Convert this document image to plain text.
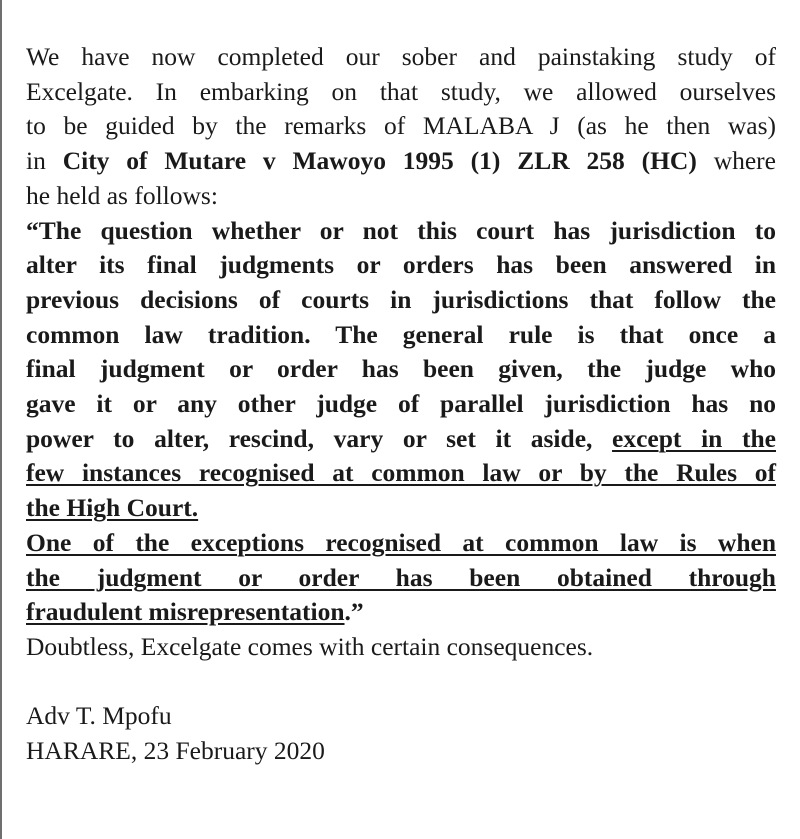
We have now completed our sober and painstaking study of
Excelgate. In embarking on that study, we allowed ourselves
to be guided by the remarks of MALABA J (as he then was)
in City of Mutare v Mawoyo 1995 (1) ZLR 258 (HC) where
he held as follows:
“The question whether or not this court has jurisdiction to
alter its final judgments or orders has been answered in
previous decisions of courts in jurisdictions that follow the
common law tradition. The general rule is that once a
final judgment or order has been given, the judge who
gave it or any other judge of parallel jurisdiction has no
power to alter, rescind, vary or set it aside, except in the
few instances recognised at common law or by the Rules of
the High Court.
One of the exceptions recognised at common law is when
the judgment or order has been obtained through
fraudulent misrepresentation.”
Doubtless, Excelgate comes with certain consequences.
Adv T. Mpofu
HARARE, 23 February 2020
